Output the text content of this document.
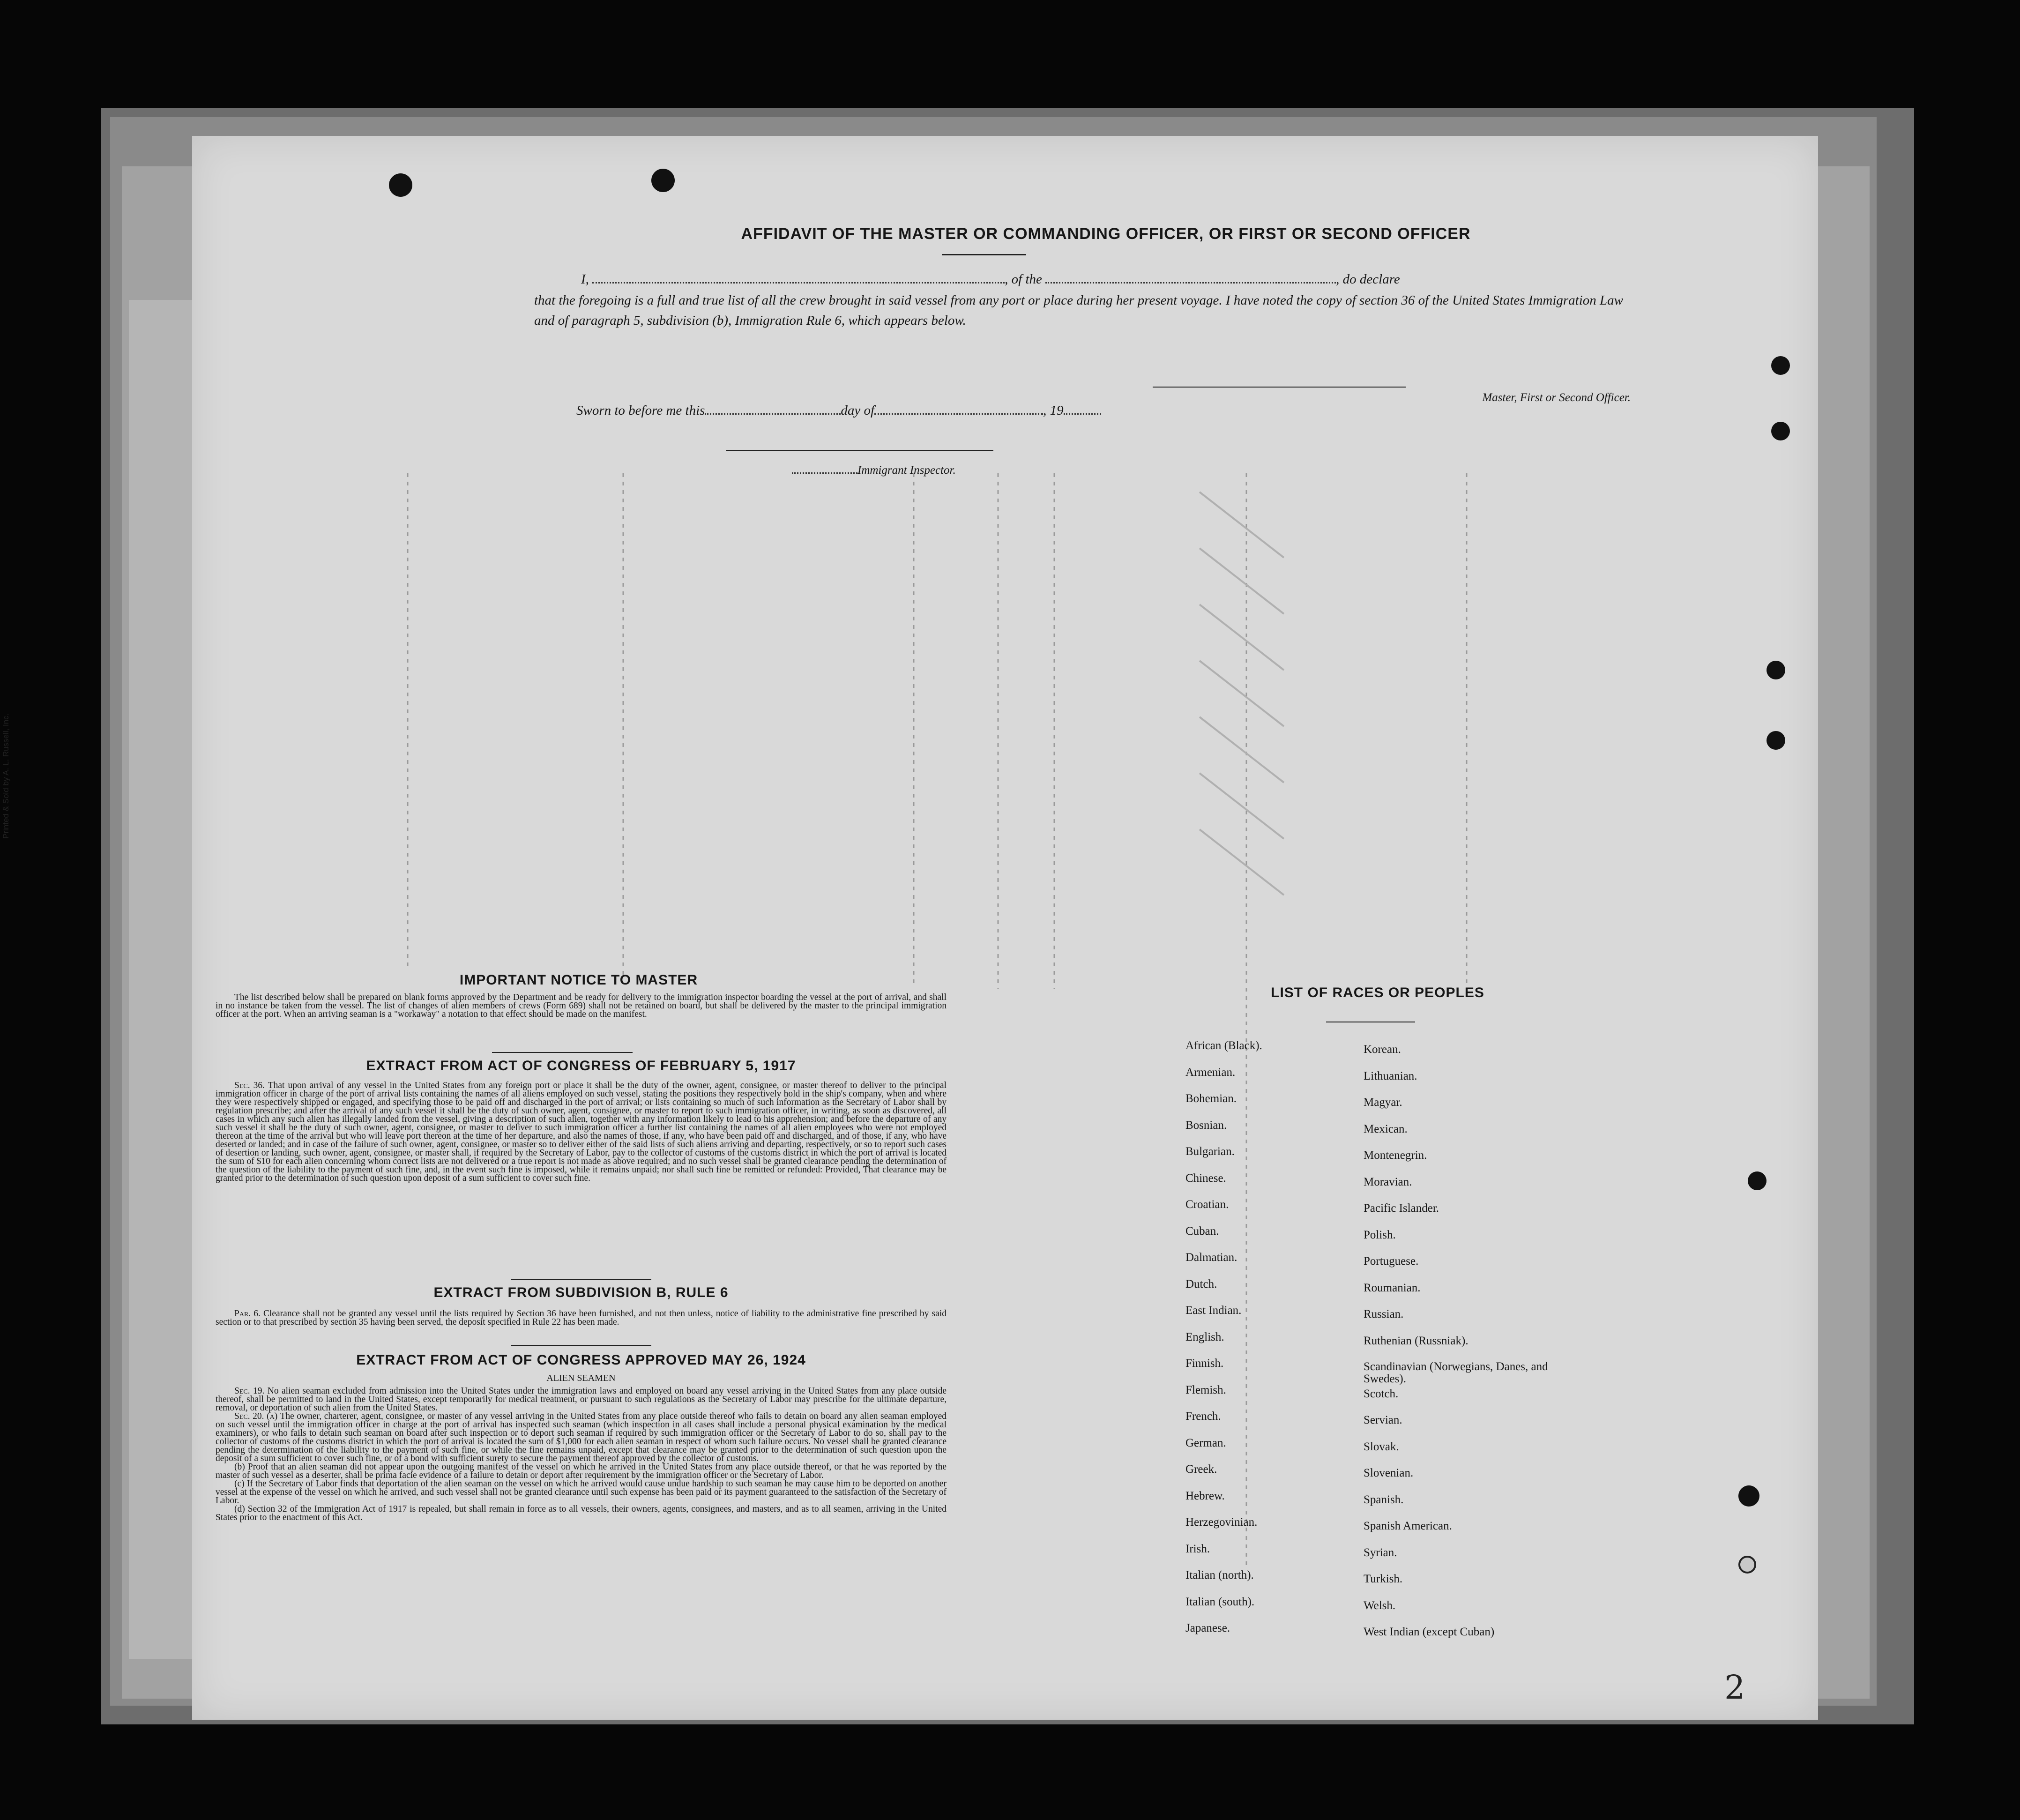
Printed & Sold by A. L. Russell, Inc.
AFFIDAVIT OF THE MASTER OR COMMANDING OFFICER, OR FIRST OR SECOND OFFICER
I,	, of the	, do declare
that the foregoing is a full and true list of all the crew brought in said vessel from any port or place during her present voyage. I have noted the copy of section 36 of the United States Immigration Law and of paragraph 5, subdivision (b), Immigration Rule 6, which appears below.
Master, First or Second Officer.
Sworn to before me this	day of	, 19
Immigrant Inspector.
IMPORTANT NOTICE TO MASTER

The list described below shall be prepared on blank forms approved by the Department and be ready for delivery to the immigration inspector boarding the vessel at the port of arrival, and shall in no instance be taken from the vessel. The list of changes of alien members of crews (Form 689) shall not be retained on board, but shall be delivered by the master to the principal immigration officer at the port. When an arriving seaman is a "workaway" a notation to that effect should be made on the manifest.

EXTRACT FROM ACT OF CONGRESS OF FEBRUARY 5, 1917

Sec. 36. That upon arrival of any vessel in the United States from any foreign port or place it shall be the duty of the owner, agent, consignee, or master thereof to deliver to the principal immigration officer in charge of the port of arrival lists containing the names of all aliens employed on such vessel, stating the positions they respectively hold in the ship's company, when and where they were respectively shipped or engaged, and specifying those to be paid off and discharged in the port of arrival; or lists containing so much of such information as the Secretary of Labor shall by regulation prescribe; and after the arrival of any such vessel it shall be the duty of such owner, agent, consignee, or master to report to such immigration officer, in writing, as soon as discovered, all cases in which any such alien has illegally landed from the vessel, giving a description of such alien, together with any information likely to lead to his apprehension; and before the departure of any such vessel it shall be the duty of such owner, agent, consignee, or master to deliver to such immigration officer a further list containing the names of all alien employees who were not employed thereon at the time of the arrival but who will leave port thereon at the time of her departure, and also the names of those, if any, who have been paid off and discharged, and of those, if any, who have deserted or landed; and in case of the failure of such owner, agent, consignee, or master so to deliver either of the said lists of such aliens arriving and departing, respectively, or so to report such cases of desertion or landing, such owner, agent, consignee, or master shall, if required by the Secretary of Labor, pay to the collector of customs of the customs district in which the port of arrival is located the sum of $10 for each alien concerning whom correct lists are not delivered or a true report is not made as above required; and no such vessel shall be granted clearance pending the determination of the question of the liability to the payment of such fine, and, in the event such fine is imposed, while it remains unpaid; nor shall such fine be remitted or refunded: Provided, That clearance may be granted prior to the determination of such question upon deposit of a sum sufficient to cover such fine.

EXTRACT FROM SUBDIVISION B, RULE 6

Par. 6. Clearance shall not be granted any vessel until the lists required by Section 36 have been furnished, and not then unless, notice of liability to the administrative fine prescribed by said section or to that prescribed by section 35 having been served, the deposit specified in Rule 22 has been made.

EXTRACT FROM ACT OF CONGRESS APPROVED MAY 26, 1924
ALIEN SEAMEN

Sec. 19. No alien seaman excluded from admission into the United States under the immigration laws and employed on board any vessel arriving in the United States from any place outside thereof, shall be permitted to land in the United States, except temporarily for medical treatment, or pursuant to such regulations as the Secretary of Labor may prescribe for the ultimate departure, removal, or deportation of such alien from the United States.

Sec. 20. (a) The owner, charterer, agent, consignee, or master of any vessel arriving in the United States from any place outside thereof who fails to detain on board any alien seaman employed on such vessel until the immigration officer in charge at the port of arrival has inspected such seaman (which inspection in all cases shall include a personal physical examination by the medical examiners), or who fails to detain such seaman on board after such inspection or to deport such seaman if required by such immigration officer or the Secretary of Labor to do so, shall pay to the collector of customs of the customs district in which the port of arrival is located the sum of $1,000 for each alien seaman in respect of whom such failure occurs. No vessel shall be granted clearance pending the determination of the liability to the payment of such fine, or while the fine remains unpaid, except that clearance may be granted prior to the determination of such question upon the deposit of a sum sufficient to cover such fine, or of a bond with sufficient surety to secure the payment thereof approved by the collector of customs.

(b) Proof that an alien seaman did not appear upon the outgoing manifest of the vessel on which he arrived in the United States from any place outside thereof, or that he was reported by the master of such vessel as a deserter, shall be prima facie evidence of a failure to detain or deport after requirement by the immigration officer or the Secretary of Labor.

(c) If the Secretary of Labor finds that deportation of the alien seaman on the vessel on which he arrived would cause undue hardship to such seaman he may cause him to be deported on another vessel at the expense of the vessel on which he arrived, and such vessel shall not be granted clearance until such expense has been paid or its payment guaranteed to the satisfaction of the Secretary of Labor.

(d) Section 32 of the Immigration Act of 1917 is repealed, but shall remain in force as to all vessels, their owners, agents, consignees, and masters, and as to all seamen, arriving in the United States prior to the enactment of this Act.

LIST OF RACES OR PEOPLES
African (Black).
Armenian.
Bohemian.
Bosnian.
Bulgarian.
Chinese.
Croatian.
Cuban.
Dalmatian.
Dutch.
East Indian.
English.
Finnish.
Flemish.
French.
German.
Greek.
Hebrew.
Herzegovinian.
Irish.
Italian (north).
Italian (south).
Japanese.
Korean.
Lithuanian.
Magyar.
Mexican.
Montenegrin.
Moravian.
Pacific Islander.
Polish.
Portuguese.
Roumanian.
Russian.
Ruthenian (Russniak).
Scandinavian (Norwegians, Danes, and Swedes).
Scotch.
Servian.
Slovak.
Slovenian.
Spanish.
Spanish American.
Syrian.
Turkish.
Welsh.
West Indian (except Cuban)
2
